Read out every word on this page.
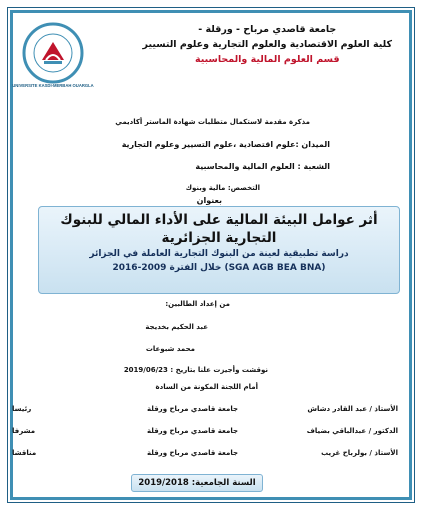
UNIVERSITE KASDI-MERBAH OUARGLA
جامعة قاصدي مرباح - ورقلة -
كلية العلوم الاقتصادية والعلوم التجارية وعلوم التسيير
قسم العلوم المالية والمحاسبية
مذكرة مقدمة لاستكمال متطلبات شهادة الماستر أكاديمي
الميدان :علوم اقتصادية ،علوم التسيير وعلوم التجارية
الشعبة : العلوم المالية والمحاسبية
التخصص: مالية وبنوك
بعنوان
أثر عوامل البيئة المالية على الأداء المالي للبنوك
التجارية الجزائرية
دراسة تطبيقية لعينة من البنوك التجارية العاملة في الجزائر
(SGA AGB BEA BNA) خلال الفترة 2009-2016
من إعداد الطالبين:
عبد الحكيم بخديجة
محمد شبوعات
نوقشت وأجيزت علنا بتاريخ : 2019/06/23
أمام اللجنة المكونة من السادة
الأستاذ / عبد القادر دشاش
جامعة قاصدي مرباح ورقلة
رئيسا
الدكتور / عبدالباقي بضياف
جامعة قاصدي مرباح ورقلة
مشرفا
الأستاذ / بولرباح غريب
جامعة قاصدي مرباح ورقلة
مناقشا
السنة الجامعية: 2019/2018
